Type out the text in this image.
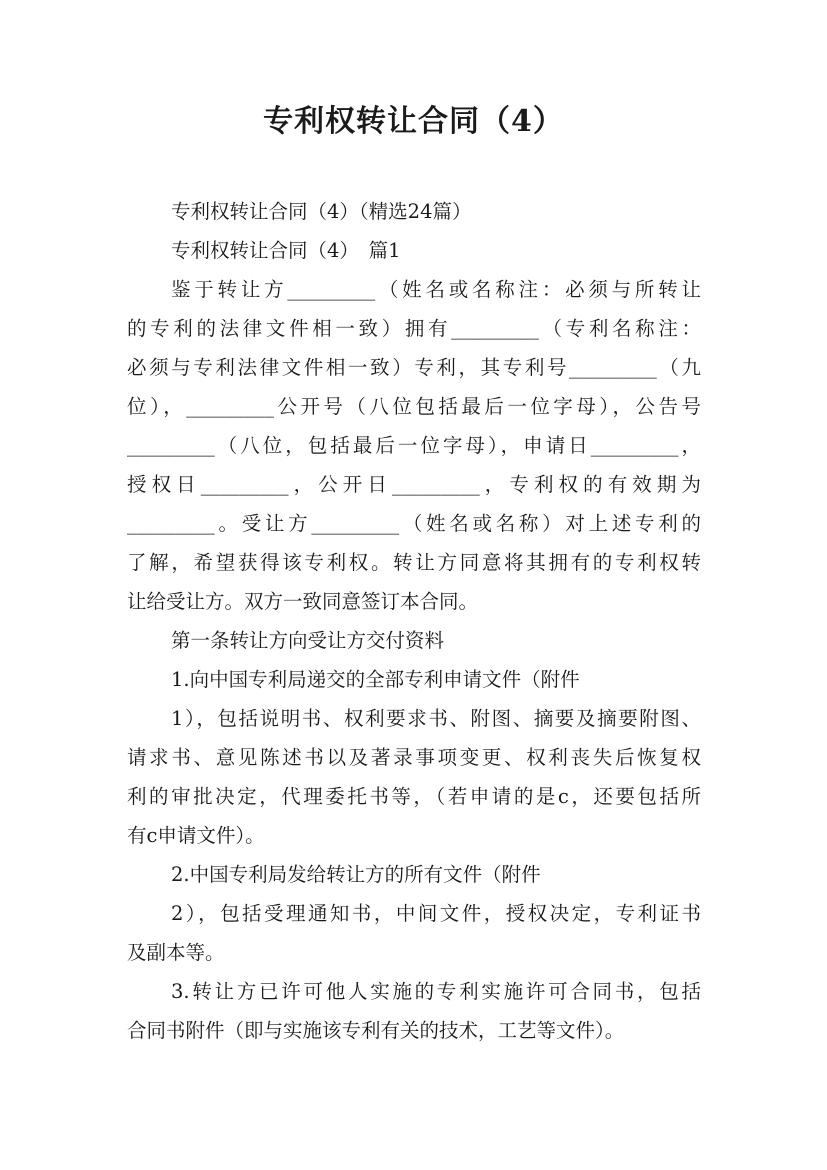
专利权转让合同（4）
专利权转让合同（4）（精选24篇）
专利权转让合同（4）　篇1
鉴于转让方_________（姓名或名称注：必须与所转让
的专利的法律文件相一致）拥有_________（专利名称注：
必须与专利法律文件相一致）专利，其专利号_________（九
位），_________公开号（八位包括最后一位字母），公告号
_________（八位，包括最后一位字母），申请日_________，
授权日_________，公开日_________，专利权的有效期为
_________。受让方_________（姓名或名称）对上述专利的
了解，希望获得该专利权。转让方同意将其拥有的专利权转
让给受让方。双方一致同意签订本合同。
第一条转让方向受让方交付资料
1.向中国专利局递交的全部专利申请文件（附件
1），包括说明书、权利要求书、附图、摘要及摘要附图、
请求书、意见陈述书以及著录事项变更、权利丧失后恢复权
利的审批决定，代理委托书等，（若申请的是c，还要包括所
有c申请文件）。
2.中国专利局发给转让方的所有文件（附件
2），包括受理通知书，中间文件，授权决定，专利证书
及副本等。
3.转让方已许可他人实施的专利实施许可合同书，包括
合同书附件（即与实施该专利有关的技术，工艺等文件）。
